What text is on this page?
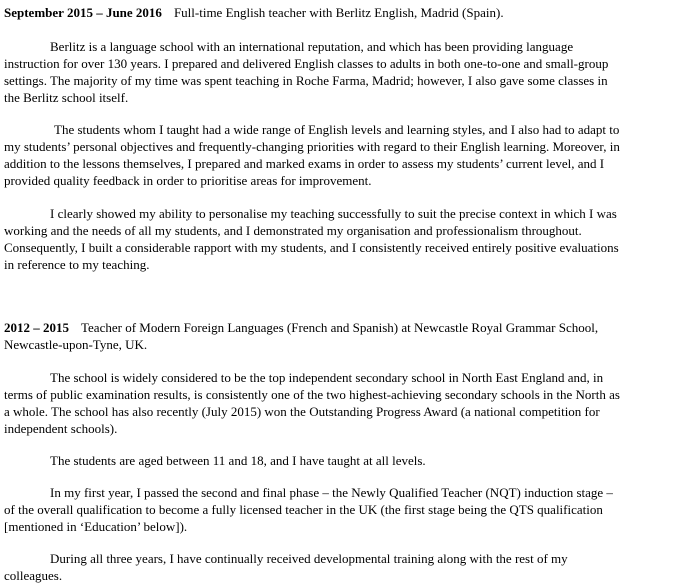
September 2015 – June 2016 Full-time English teacher with Berlitz English, Madrid (Spain).

Berlitz is a language school with an international reputation, and which has been providing language instruction for over 130 years. I prepared and delivered English classes to adults in both one-to-one and small-group settings. The majority of my time was spent teaching in Roche Farma, Madrid; however, I also gave some classes in the Berlitz school itself.

The students whom I taught had a wide range of English levels and learning styles, and I also had to adapt to my students’ personal objectives and frequently-changing priorities with regard to their English learning. Moreover, in addition to the lessons themselves, I prepared and marked exams in order to assess my students’ current level, and I provided quality feedback in order to prioritise areas for improvement.

I clearly showed my ability to personalise my teaching successfully to suit the precise context in which I was working and the needs of all my students, and I demonstrated my organisation and professionalism throughout. Consequently, I built a considerable rapport with my students, and I consistently received entirely positive evaluations in reference to my teaching.

2012 – 2015 Teacher of Modern Foreign Languages (French and Spanish) at Newcastle Royal Grammar School, Newcastle-upon-Tyne, UK.

The school is widely considered to be the top independent secondary school in North East England and, in terms of public examination results, is consistently one of the two highest-achieving secondary schools in the North as a whole. The school has also recently (July 2015) won the Outstanding Progress Award (a national competition for independent schools).

The students are aged between 11 and 18, and I have taught at all levels.

In my first year, I passed the second and final phase – the Newly Qualified Teacher (NQT) induction stage – of the overall qualification to become a fully licensed teacher in the UK (the first stage being the QTS qualification [mentioned in ‘Education’ below]).

During all three years, I have continually received developmental training along with the rest of my colleagues.
